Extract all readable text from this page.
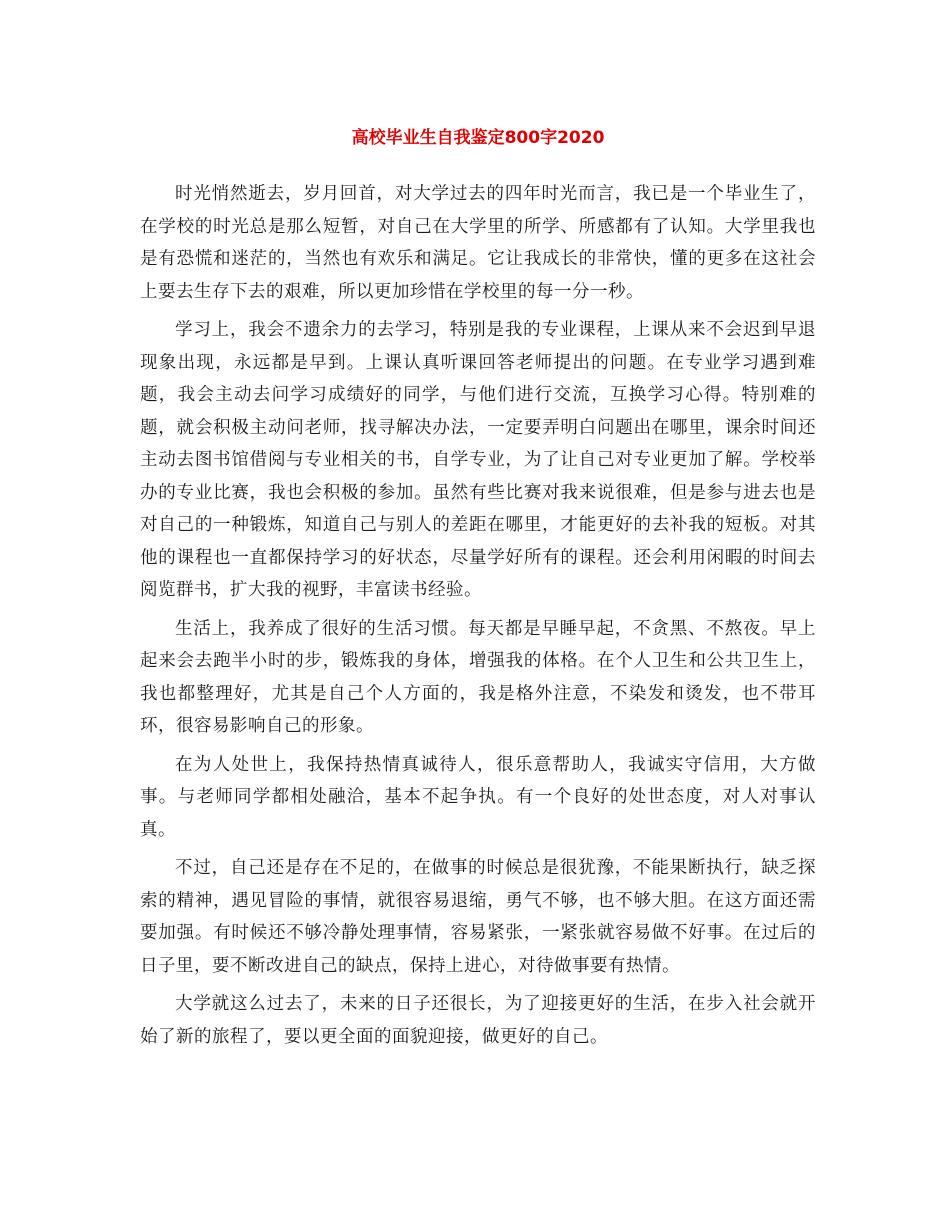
高校毕业生自我鉴定800字2020

时光悄然逝去，岁月回首，对大学过去的四年时光而言，我已是一个毕业生了，在学校的时光总是那么短暂，对自己在大学里的所学、所感都有了认知。大学里我也是有恐慌和迷茫的，当然也有欢乐和满足。它让我成长的非常快，懂的更多在这社会上要去生存下去的艰难，所以更加珍惜在学校里的每一分一秒。

学习上，我会不遗余力的去学习，特别是我的专业课程，上课从来不会迟到早退现象出现，永远都是早到。上课认真听课回答老师提出的问题。在专业学习遇到难题，我会主动去问学习成绩好的同学，与他们进行交流，互换学习心得。特别难的题，就会积极主动问老师，找寻解决办法，一定要弄明白问题出在哪里，课余时间还主动去图书馆借阅与专业相关的书，自学专业，为了让自己对专业更加了解。学校举办的专业比赛，我也会积极的参加。虽然有些比赛对我来说很难，但是参与进去也是对自己的一种锻炼，知道自己与别人的差距在哪里，才能更好的去补我的短板。对其他的课程也一直都保持学习的好状态，尽量学好所有的课程。还会利用闲暇的时间去阅览群书，扩大我的视野，丰富读书经验。

生活上，我养成了很好的生活习惯。每天都是早睡早起，不贪黑、不熬夜。早上起来会去跑半小时的步，锻炼我的身体，增强我的体格。在个人卫生和公共卫生上，我也都整理好，尤其是自己个人方面的，我是格外注意，不染发和烫发，也不带耳环，很容易影响自己的形象。

在为人处世上，我保持热情真诚待人，很乐意帮助人，我诚实守信用，大方做事。与老师同学都相处融洽，基本不起争执。有一个良好的处世态度，对人对事认真。

不过，自己还是存在不足的，在做事的时候总是很犹豫，不能果断执行，缺乏探索的精神，遇见冒险的事情，就很容易退缩，勇气不够，也不够大胆。在这方面还需要加强。有时候还不够冷静处理事情，容易紧张，一紧张就容易做不好事。在过后的日子里，要不断改进自己的缺点，保持上进心，对待做事要有热情。

大学就这么过去了，未来的日子还很长，为了迎接更好的生活，在步入社会就开始了新的旅程了，要以更全面的面貌迎接，做更好的自己。
